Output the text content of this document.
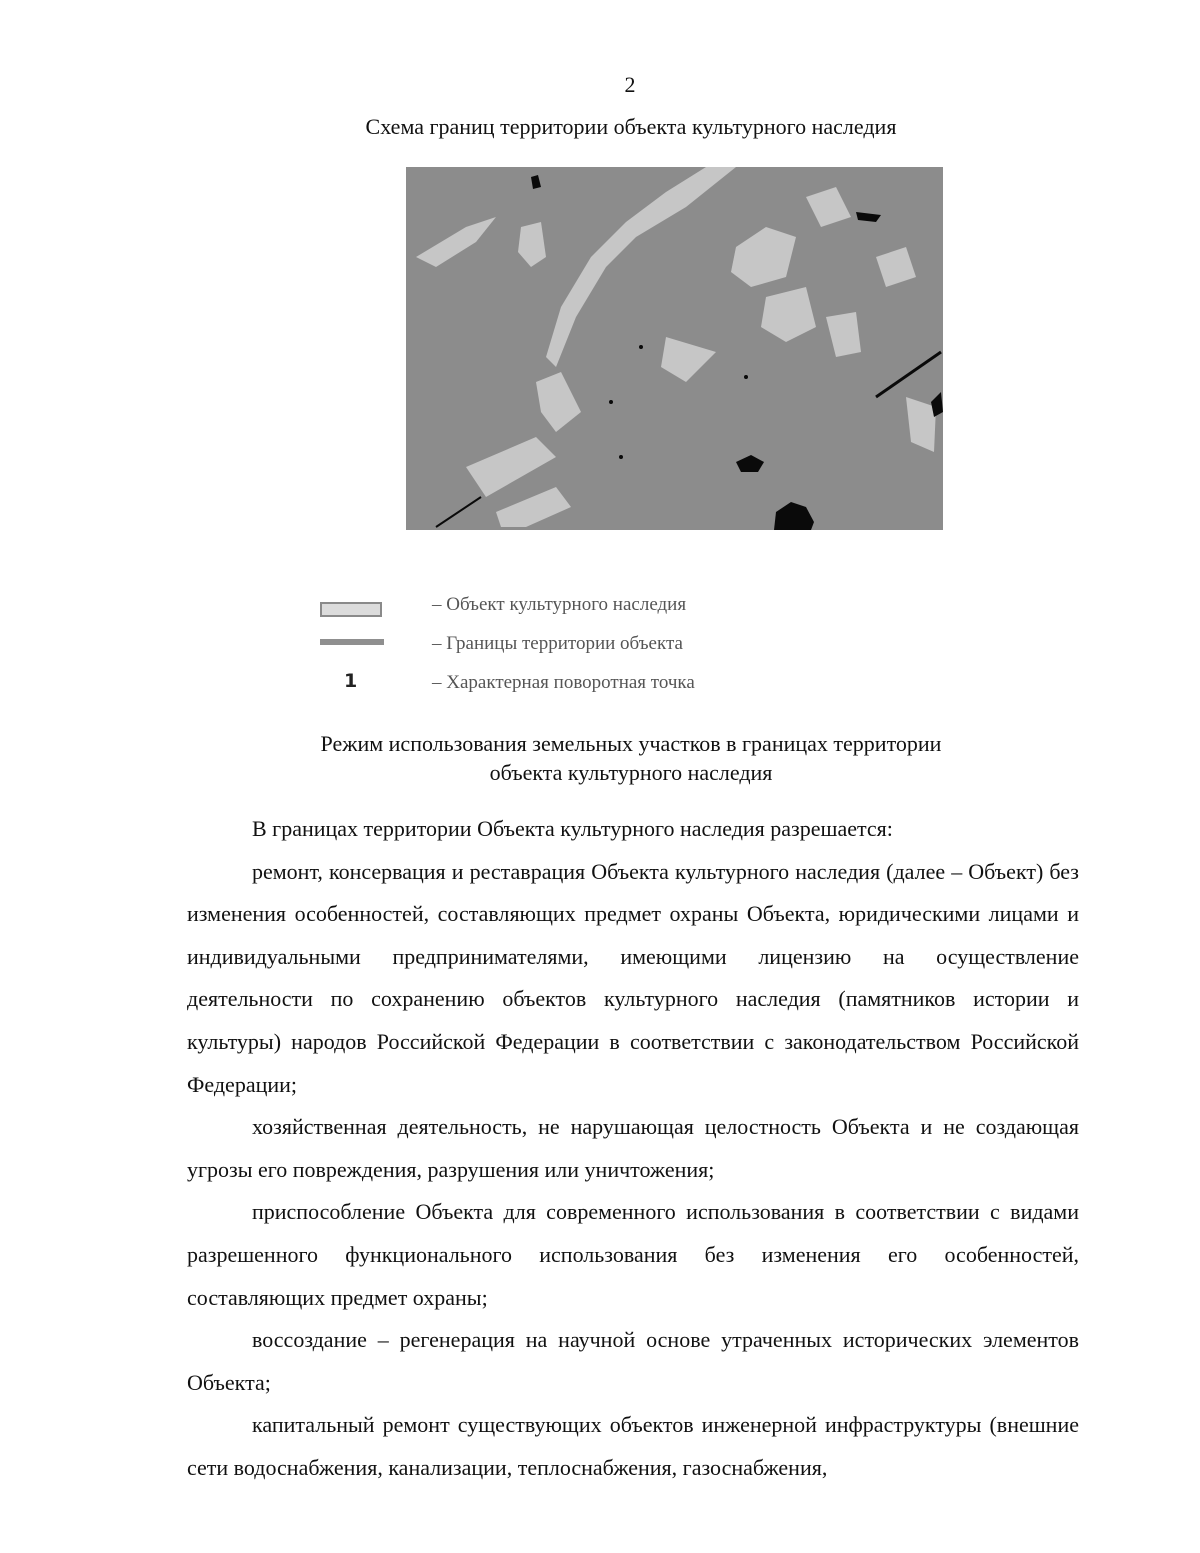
2
Схема границ территории объекта культурного наследия
– Объект культурного наследия
– Границы территории объекта
1	– Характерная поворотная точка
Режим использования земельных участков в границах территории
объекта культурного наследия

В границах территории Объекта культурного наследия разрешается:

ремонт, консервация и реставрация Объекта культурного наследия (далее – Объект) без изменения особенностей, составляющих предмет охраны Объекта, юридическими лицами и индивидуальными предпринимателями, имеющими лицензию на осуществление деятельности по сохранению объектов культурного наследия (памятников истории и культуры) народов Российской Федерации в соответствии с законодательством Российской Федерации;

хозяйственная деятельность, не нарушающая целостность Объекта и не создающая угрозы его повреждения, разрушения или уничтожения;

приспособление Объекта для современного использования в соответствии с видами разрешенного функционального использования без изменения его особенностей, составляющих предмет охраны;

воссоздание – регенерация на научной основе утраченных исторических элементов Объекта;

капитальный ремонт существующих объектов инженерной инфраструктуры (внешние сети водоснабжения, канализации, теплоснабжения, газоснабжения,
